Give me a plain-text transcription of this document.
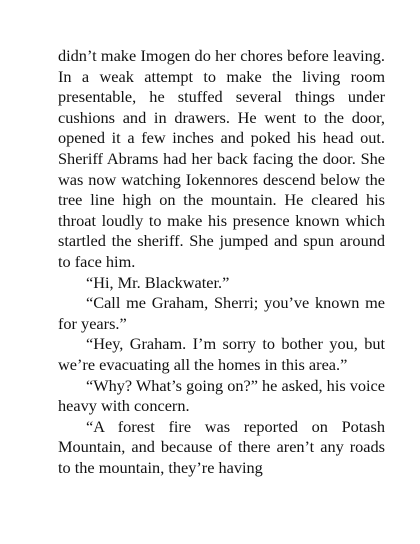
didn’t make Imogen do her chores before leaving. In a weak attempt to make the living room presentable, he stuffed several things under cushions and in drawers. He went to the door, opened it a few inches and poked his head out. Sheriff Abrams had her back facing the door. She was now watching Iokennores descend below the tree line high on the mountain. He cleared his throat loudly to make his presence known which startled the sheriff. She jumped and spun around to face him.

“Hi, Mr. Blackwater.”

“Call me Graham, Sherri; you’ve known me for years.”

“Hey, Graham. I’m sorry to bother you, but we’re evacuating all the homes in this area.”

“Why? What’s going on?” he asked, his voice heavy with concern.

“A forest fire was reported on Potash Mountain, and because of there aren’t any roads to the mountain, they’re having
